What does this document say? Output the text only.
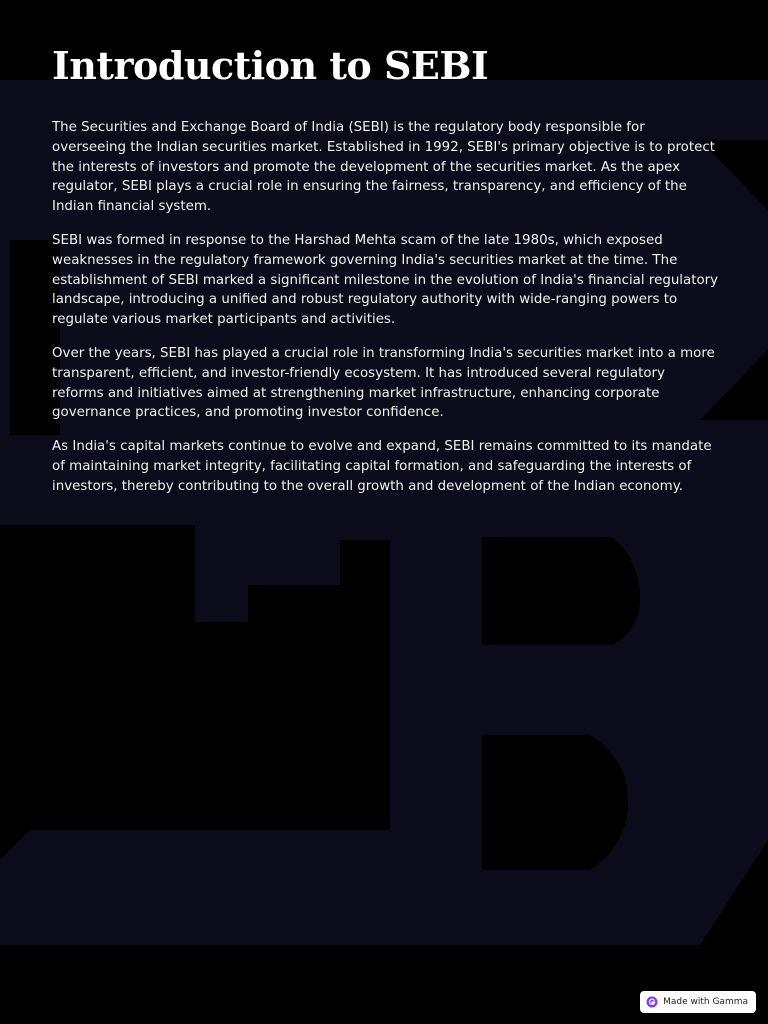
Introduction to SEBI

The Securities and Exchange Board of India (SEBI) is the regulatory body responsible for overseeing the Indian securities market. Established in 1992, SEBI's primary objective is to protect the interests of investors and promote the development of the securities market. As the apex regulator, SEBI plays a crucial role in ensuring the fairness, transparency, and efficiency of the Indian financial system.

SEBI was formed in response to the Harshad Mehta scam of the late 1980s, which exposed weaknesses in the regulatory framework governing India's securities market at the time. The establishment of SEBI marked a significant milestone in the evolution of India's financial regulatory landscape, introducing a unified and robust regulatory authority with wide-ranging powers to regulate various market participants and activities.

Over the years, SEBI has played a crucial role in transforming India's securities market into a more transparent, efficient, and investor-friendly ecosystem. It has introduced several regulatory reforms and initiatives aimed at strengthening market infrastructure, enhancing corporate governance practices, and promoting investor confidence.

As India's capital markets continue to evolve and expand, SEBI remains committed to its mandate of maintaining market integrity, facilitating capital formation, and safeguarding the interests of investors, thereby contributing to the overall growth and development of the Indian economy.

Made with Gamma
